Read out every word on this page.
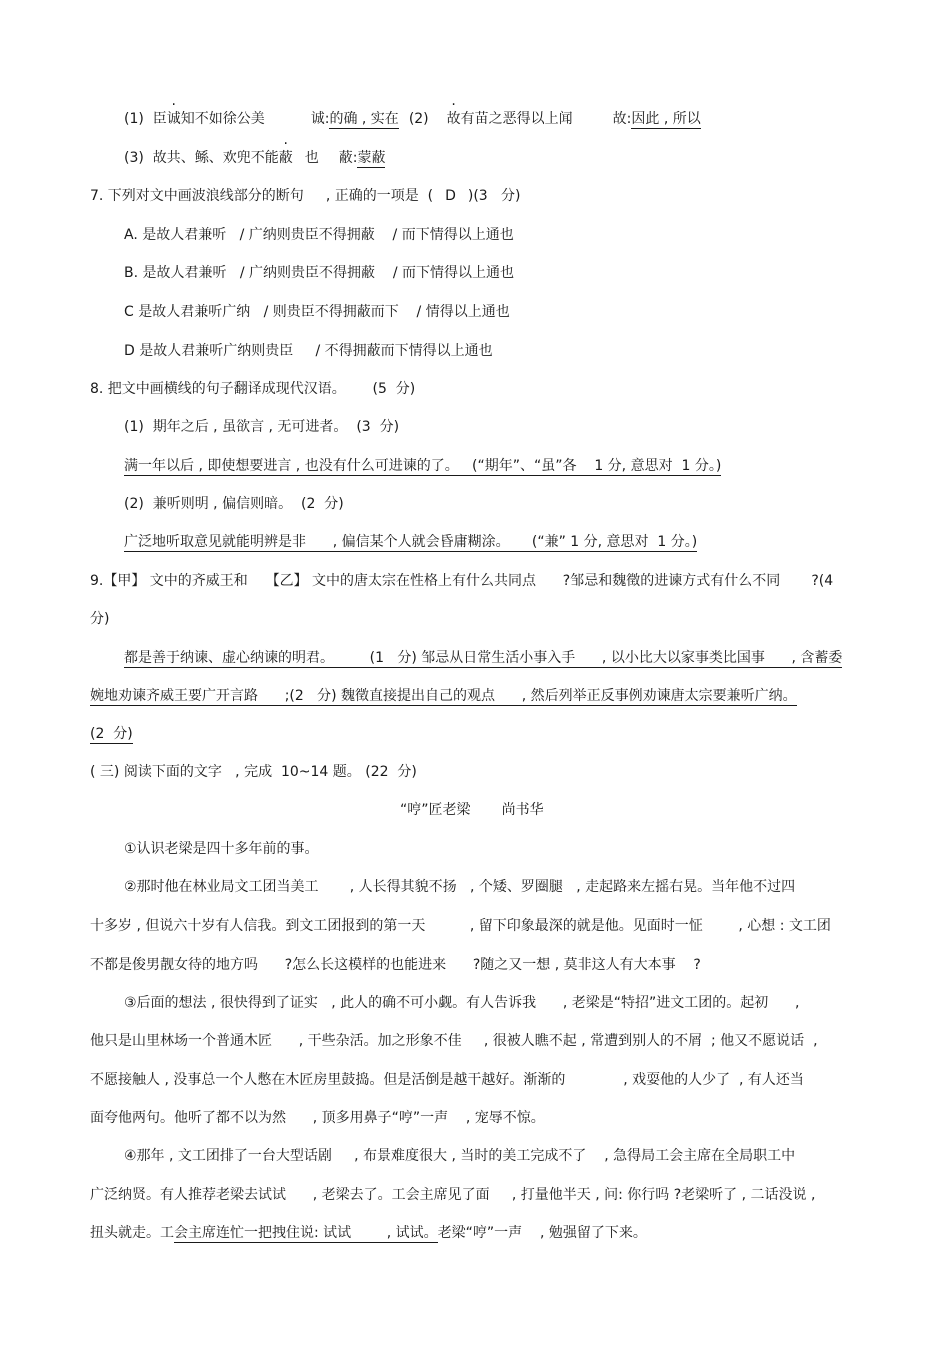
(1)  臣诚知不如徐公美	诚:的确 , 实在 (2) 故有苗之恶得以上闻	故:因此 , 所以
(3)  故共、鲧、欢兜不能蔽 也 蔽:蒙蔽
7. 下列对文中画波浪线部分的断句 , 正确的一项是  ( D )(3   分)
A. 是故人君兼听   / 广纳则贵臣不得拥蔽    / 而下情得以上通也
B. 是故人君兼听   / 广纳则贵臣不得拥蔽    / 而下情得以上通也
C 是故人君兼听广纳   / 则贵臣不得拥蔽而下    / 情得以上通也
D 是故人君兼听广纳则贵臣     / 不得拥蔽而下情得以上通也
8. 把文中画横线的句子翻译成现代汉语。      (5  分)
(1)  期年之后 , 虽欲言 , 无可进者。  (3  分)
满一年以后 , 即使想要进言 , 也没有什么可进谏的了。   (“期年”、“虽”各    1 分, 意思对  1 分。)
(2)  兼听则明 , 偏信则暗。  (2  分)
广泛地听取意见就能明辨是非      , 偏信某个人就会昏庸糊涂。     (“兼” 1 分, 意思对  1 分。)
9.【甲】 文中的齐威王和    【乙】 文中的唐太宗在性格上有什么共同点      ?邹忌和魏徵的进谏方式有什么不同       ?(4
分)
都是善于纳谏、虚心纳谏的明君。        (1   分) 邹忌从日常生活小事入手      , 以小比大以家事类比国事      , 含蓄委
婉地劝谏齐威王要广开言路      ;(2   分) 魏徵直接提出自己的观点      , 然后列举正反事例劝谏唐太宗要兼听广纳。
(2  分)
( 三) 阅读下面的文字   , 完成  10~14 题。 (22  分)
“哼”匠老梁       尚书华
①认识老梁是四十多年前的事。
②那时他在林业局文工团当美工       , 人长得其貌不扬   , 个矮、罗圈腿   , 走起路来左摇右晃。当年他不过四
十多岁 , 但说六十岁有人信我。到文工团报到的第一天          , 留下印象最深的就是他。见面时一怔        , 心想 : 文工团
不都是俊男靓女待的地方吗      ?怎么长这模样的也能进来      ?随之又一想 , 莫非这人有大本事    ?
③后面的想法 , 很快得到了证实   , 此人的确不可小觑。有人告诉我      , 老梁是“特招”进文工团的。起初      ,
他只是山里林场一个普通木匠      , 干些杂活。加之形象不佳     , 很被人瞧不起 , 常遭到别人的不屑  ; 他又不愿说话  ,
不愿接触人 , 没事总一个人憋在木匠房里鼓捣。但是活倒是越干越好。渐渐的             , 戏耍他的人少了  , 有人还当
面夸他两句。他听了都不以为然      , 顶多用鼻子“哼”一声    , 宠辱不惊。
④那年 , 文工团排了一台大型话剧     , 布景难度很大 , 当时的美工完成不了    , 急得局工会主席在全局职工中
广泛纳贤。有人推荐老梁去试试      , 老梁去了。工会主席见了面     , 打量他半天 , 问: 你行吗 ?老梁听了 , 二话没说 ,
扭头就走。工会主席连忙一把拽住说: 试试        , 试试。老梁“哼”一声    , 勉强留了下来。
